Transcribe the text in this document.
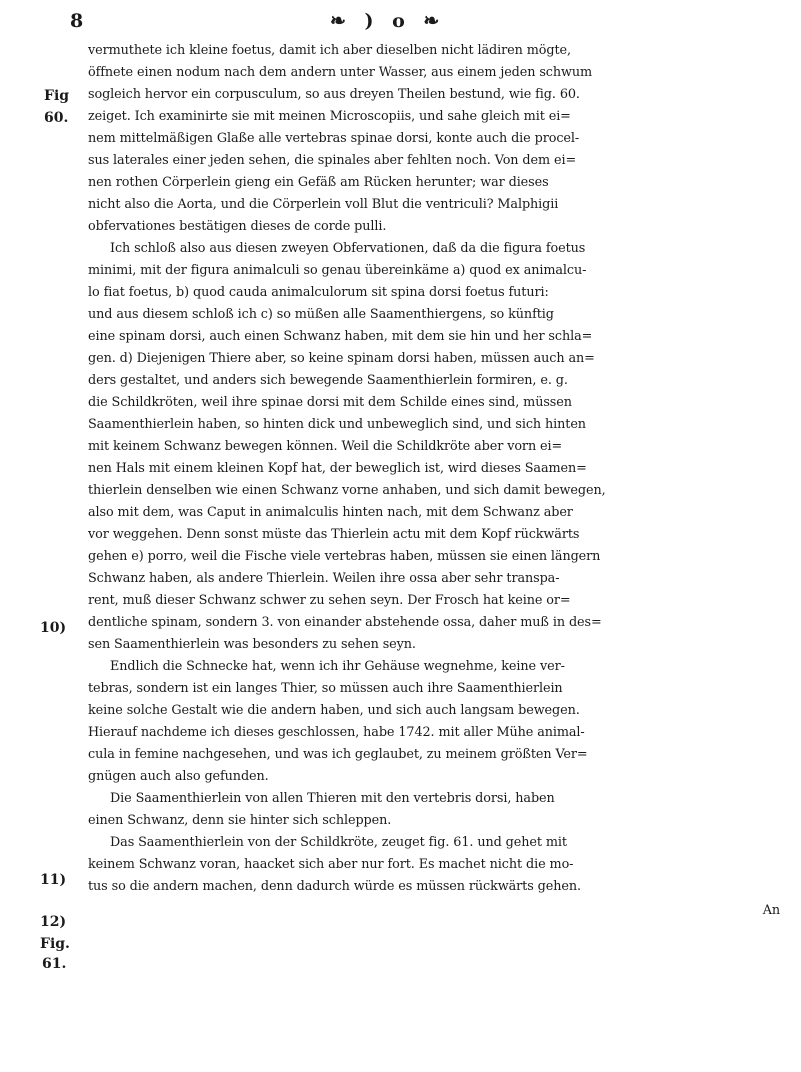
8	❧ ) o ❧
Fig
60.
10)
11)
12)
Fig.
61.
vermuthete ich kleine foetus, damit ich aber dieselben nicht lädiren mögte,
öffnete einen nodum nach dem andern unter Wasser, aus einem jeden schwum
sogleich hervor ein corpusculum, so aus dreyen Theilen bestund, wie fig. 60.
zeiget. Ich examinirte sie mit meinen Microscopiis, und sahe gleich mit ei=
nem mittelmäßigen Glaße alle vertebras spinae dorsi, konte auch die procel-
sus laterales einer jeden sehen, die spinales aber fehlten noch. Von dem ei=
nen rothen Cörperlein gieng ein Gefäß am Rücken herunter; war dieses
nicht also die Aorta, und die Cörperlein voll Blut die ventriculi? Malphigii
obfervationes bestätigen dieses de corde pulli.
Ich schloß also aus diesen zweyen Obfervationen, daß da die figura foetus
minimi, mit der figura animalculi so genau übereinkäme a) quod ex animalcu-
lo fiat foetus, b) quod cauda animalculorum sit spina dorsi foetus futuri:
und aus diesem schloß ich c) so müßen alle Saamenthiergens, so künftig
eine spinam dorsi, auch einen Schwanz haben, mit dem sie hin und her schla=
gen. d) Diejenigen Thiere aber, so keine spinam dorsi haben, müssen auch an=
ders gestaltet, und anders sich bewegende Saamenthierlein formiren, e. g.
die Schildkröten, weil ihre spinae dorsi mit dem Schilde eines sind, müssen
Saamenthierlein haben, so hinten dick und unbeweglich sind, und sich hinten
mit keinem Schwanz bewegen können. Weil die Schildkröte aber vorn ei=
nen Hals mit einem kleinen Kopf hat, der beweglich ist, wird dieses Saamen=
thierlein denselben wie einen Schwanz vorne anhaben, und sich damit bewegen,
also mit dem, was Caput in animalculis hinten nach, mit dem Schwanz aber
vor weggehen. Denn sonst müste das Thierlein actu mit dem Kopf rückwärts
gehen e) porro, weil die Fische viele vertebras haben, müssen sie einen längern
Schwanz haben, als andere Thierlein. Weilen ihre ossa aber sehr transpa-
rent, muß dieser Schwanz schwer zu sehen seyn. Der Frosch hat keine or=
dentliche spinam, sondern 3. von einander abstehende ossa, daher muß in des=
sen Saamenthierlein was besonders zu sehen seyn.
Endlich die Schnecke hat, wenn ich ihr Gehäuse wegnehme, keine ver-
tebras, sondern ist ein langes Thier, so müssen auch ihre Saamenthierlein
keine solche Gestalt wie die andern haben, und sich auch langsam bewegen.
Hierauf nachdeme ich dieses geschlossen, habe 1742. mit aller Mühe animal-
cula in femine nachgesehen, und was ich geglaubet, zu meinem größten Ver=
gnügen auch also gefunden.
Die Saamenthierlein von allen Thieren mit den vertebris dorsi, haben
einen Schwanz, denn sie hinter sich schleppen.
Das Saamenthierlein von der Schildkröte, zeuget fig. 61. und gehet mit
keinem Schwanz voran, haacket sich aber nur fort. Es machet nicht die mo-
tus so die andern machen, denn dadurch würde es müssen rückwärts gehen.
An
